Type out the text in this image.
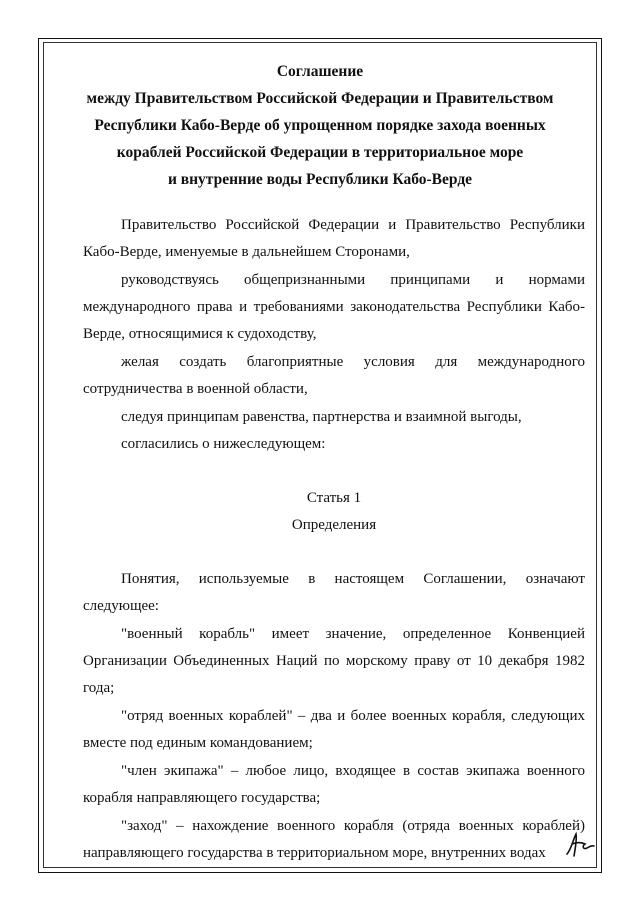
Соглашение
между Правительством Российской Федерации и Правительством
Республики Кабо-Верде об упрощенном порядке захода военных
кораблей Российской Федерации в территориальное море
и внутренние воды Республики Кабо-Верде
Правительство Российской Федерации и Правительство Республики Кабо-Верде, именуемые в дальнейшем Сторонами,
руководствуясь общепризнанными принципами и нормами международного права и требованиями законодательства Республики Кабо-Верде, относящимися к судоходству,
желая создать благоприятные условия для международного сотрудничества в военной области,
следуя принципам равенства, партнерства и взаимной выгоды,
согласились о нижеследующем:
Статья 1
Определения
Понятия, используемые в настоящем Соглашении, означают следующее:
"военный корабль" имеет значение, определенное Конвенцией Организации Объединенных Наций по морскому праву от 10 декабря 1982 года;
"отряд военных кораблей" – два и более военных корабля, следующих вместе под единым командованием;
"член экипажа" – любое лицо, входящее в состав экипажа военного корабля направляющего государства;
"заход" – нахождение военного корабля (отряда военных кораблей) направляющего государства в территориальном море, внутренних водах
